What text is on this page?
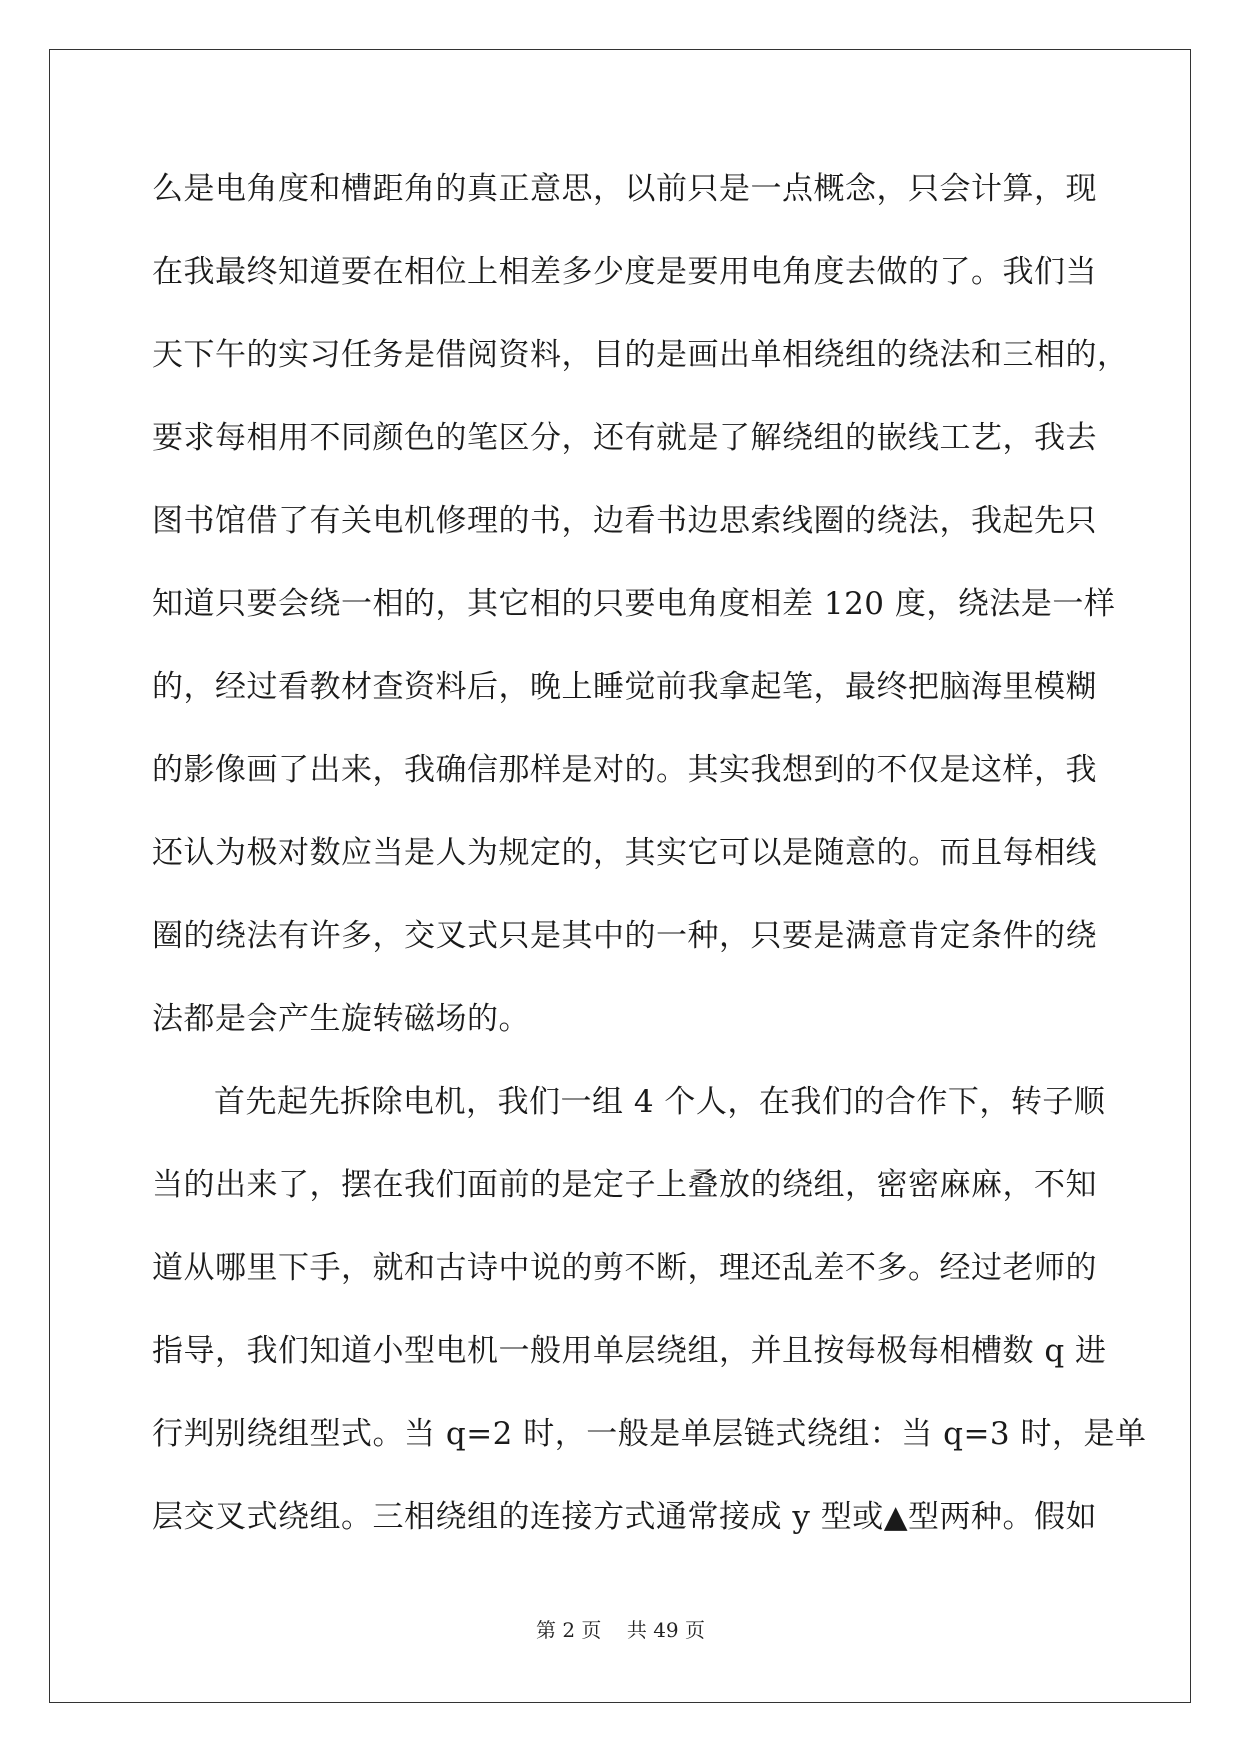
么是电角度和槽距角的真正意思，以前只是一点概念，只会计算，现
在我最终知道要在相位上相差多少度是要用电角度去做的了。我们当
天下午的实习任务是借阅资料，目的是画出单相绕组的绕法和三相的，
要求每相用不同颜色的笔区分，还有就是了解绕组的嵌线工艺，我去
图书馆借了有关电机修理的书，边看书边思索线圈的绕法，我起先只
知道只要会绕一相的，其它相的只要电角度相差 120 度，绕法是一样
的，经过看教材查资料后，晚上睡觉前我拿起笔，最终把脑海里模糊
的影像画了出来，我确信那样是对的。其实我想到的不仅是这样，我
还认为极对数应当是人为规定的，其实它可以是随意的。而且每相线
圈的绕法有许多，交叉式只是其中的一种，只要是满意肯定条件的绕
法都是会产生旋转磁场的。
首先起先拆除电机，我们一组 4 个人，在我们的合作下，转子顺
当的出来了，摆在我们面前的是定子上叠放的绕组，密密麻麻，不知
道从哪里下手，就和古诗中说的剪不断，理还乱差不多。经过老师的
指导，我们知道小型电机一般用单层绕组，并且按每极每相槽数 q 进
行判别绕组型式。当 q=2 时，一般是单层链式绕组：当 q=3 时，是单
层交叉式绕组。三相绕组的连接方式通常接成 y 型或▲型两种。假如
第 2 页    共 49 页
